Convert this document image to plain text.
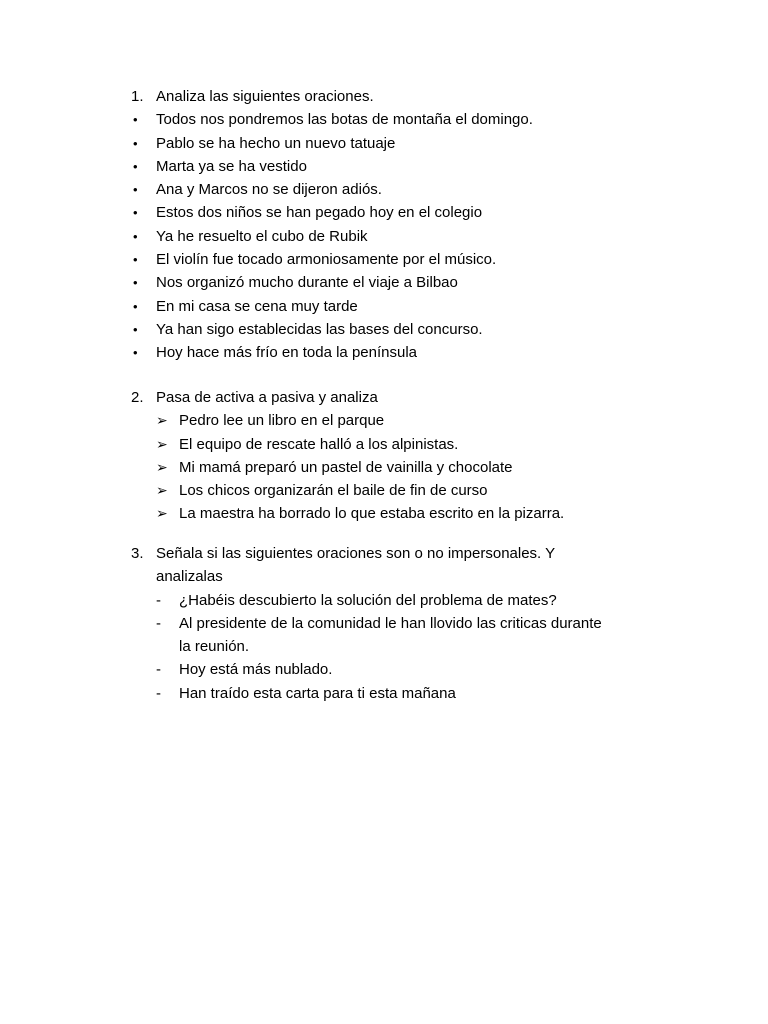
1. Analiza las siguientes oraciones.
• Todos nos pondremos las botas de montaña el domingo.
• Pablo se ha hecho un nuevo tatuaje
• Marta ya se ha vestido
• Ana y Marcos no se dijeron adiós.
• Estos dos niños se han pegado hoy en el colegio
• Ya he resuelto el cubo de Rubik
• El violín fue tocado armoniosamente por el músico.
• Nos organizó mucho durante el viaje a Bilbao
• En mi casa se cena muy tarde
• Ya han sigo establecidas las bases del concurso.
• Hoy hace más frío en toda la península
2. Pasa de activa a pasiva y analiza
➢ Pedro lee un libro en el parque
➢ El equipo de rescate halló a los alpinistas.
➢ Mi mamá preparó un pastel de vainilla y chocolate
➢ Los chicos organizarán el baile de fin de curso
➢ La maestra ha borrado lo que estaba escrito en la pizarra.
3. Señala si las siguientes oraciones son o no impersonales. Y
analizalas
- ¿Habéis descubierto la solución del problema de mates?
- Al presidente de la comunidad le han llovido las criticas durante
la reunión.
- Hoy está más nublado.
- Han traído esta carta para ti esta mañana
